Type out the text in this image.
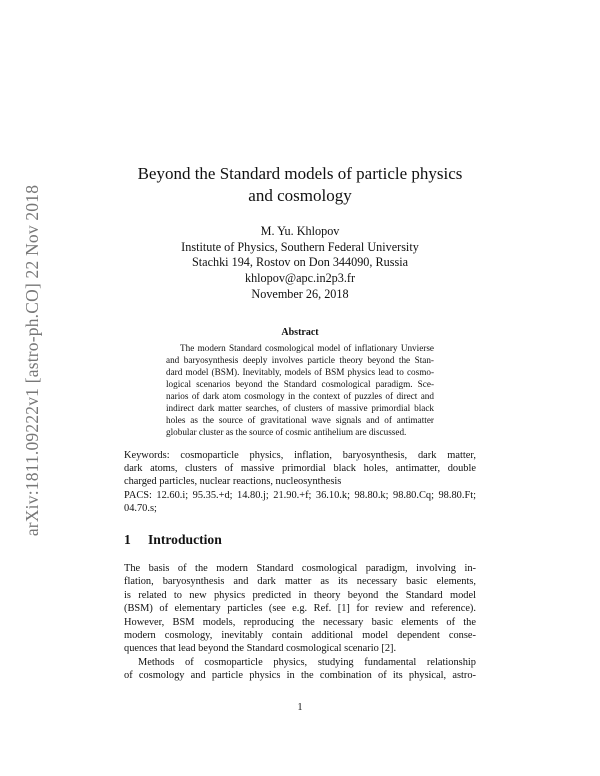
arXiv:1811.09222v1 [astro-ph.CO] 22 Nov 2018
Beyond the Standard models of particle physics
and cosmology
M. Yu. Khlopov
Institute of Physics, Southern Federal University
Stachki 194, Rostov on Don 344090, Russia
khlopov@apc.in2p3.fr
November 26, 2018
Abstract
The modern Standard cosmological model of inflationary Unvierse
and baryosynthesis deeply involves particle theory beyond the Stan-
dard model (BSM). Inevitably, models of BSM physics lead to cosmo-
logical scenarios beyond the Standard cosmological paradigm. Sce-
narios of dark atom cosmology in the context of puzzles of direct and
indirect dark matter searches, of clusters of massive primordial black
holes as the source of gravitational wave signals and of antimatter
globular cluster as the source of cosmic antihelium are discussed.
Keywords: cosmoparticle physics, inflation, baryosynthesis, dark matter,
dark atoms, clusters of massive primordial black holes, antimatter, double
charged particles, nuclear reactions, nucleosynthesis
PACS: 12.60.i; 95.35.+d; 14.80.j; 21.90.+f; 36.10.k; 98.80.k; 98.80.Cq; 98.80.Ft;
04.70.s;
1 Introduction
The basis of the modern Standard cosmological paradigm, involving in-
flation, baryosynthesis and dark matter as its necessary basic elements,
is related to new physics predicted in theory beyond the Standard model
(BSM) of elementary particles (see e.g. Ref. [1] for review and reference).
However, BSM models, reproducing the necessary basic elements of the
modern cosmology, inevitably contain additional model dependent conse-
quences that lead beyond the Standard cosmological scenario [2].
Methods of cosmoparticle physics, studying fundamental relationship
of cosmology and particle physics in the combination of its physical, astro-
1
